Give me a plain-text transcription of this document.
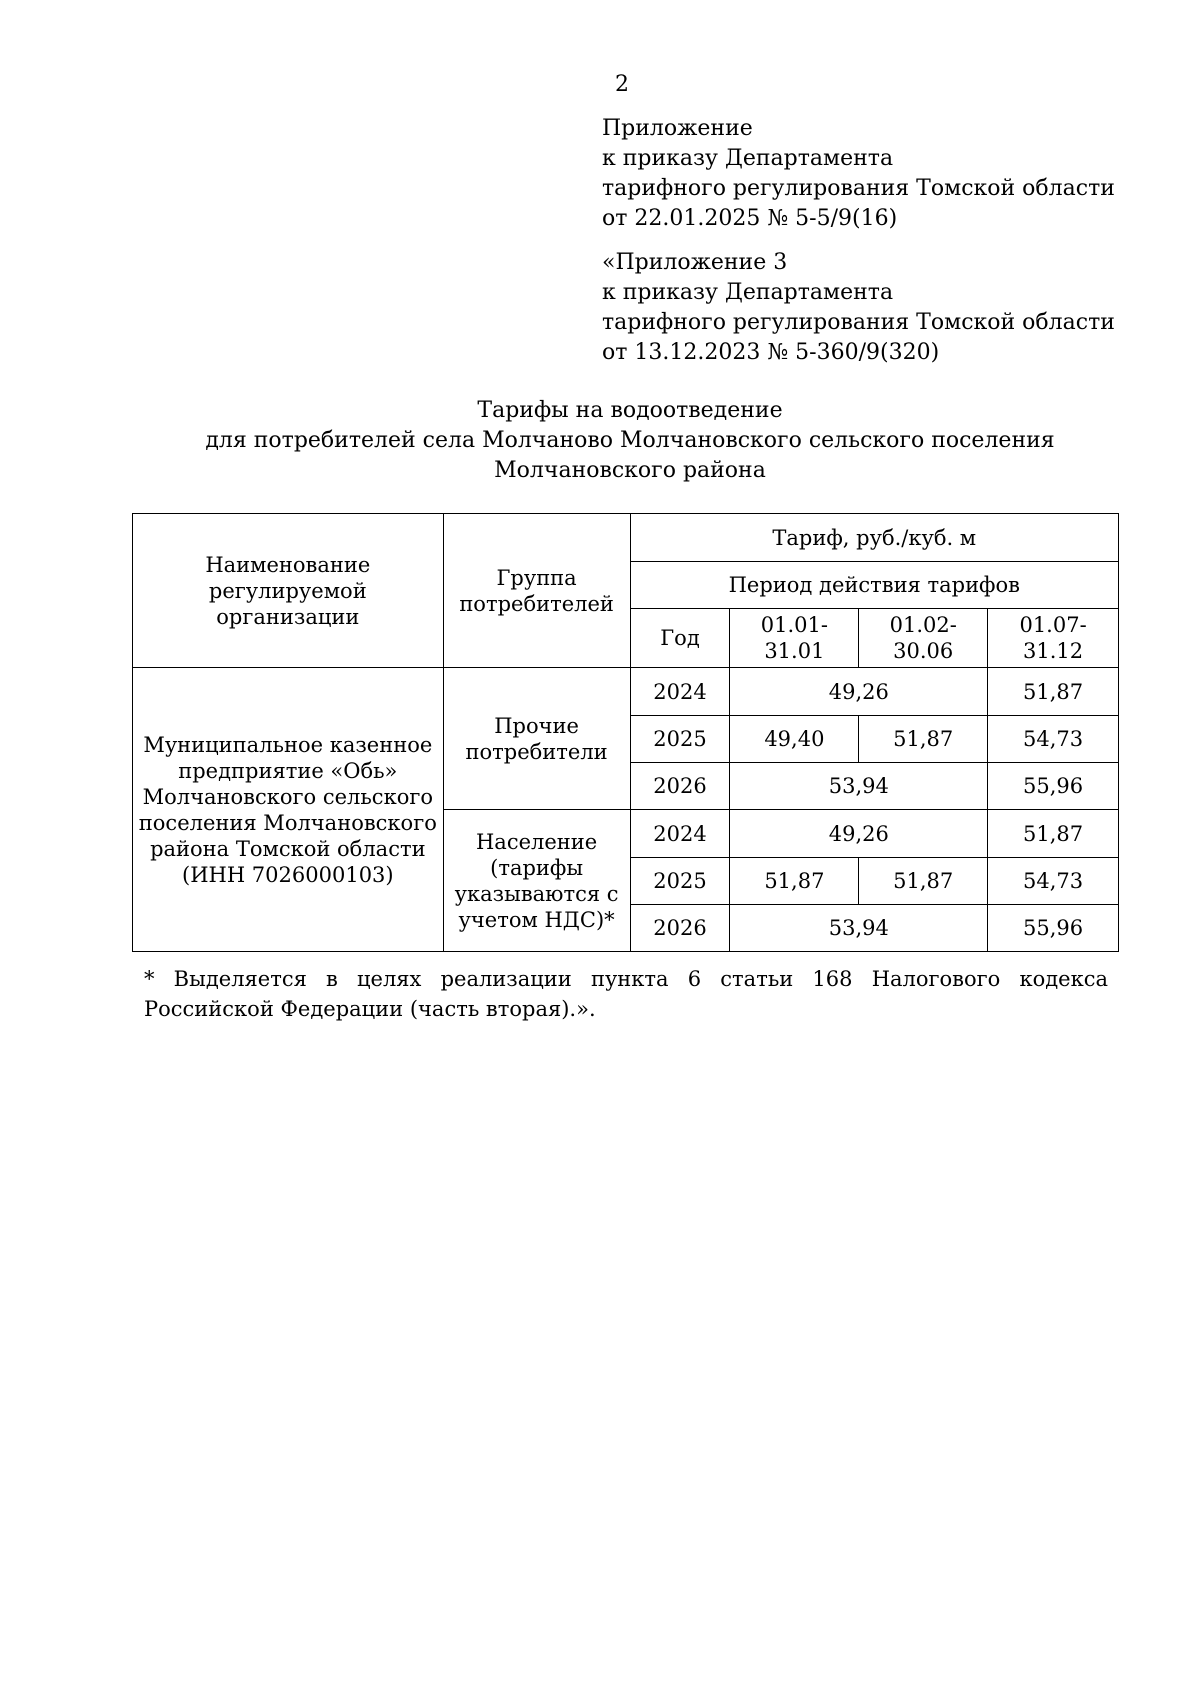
2
Приложение
к приказу Департамента
тарифного регулирования Томской области
от 22.01.2025 № 5-5/9(16)
«Приложение 3
к приказу Департамента
тарифного регулирования Томской области
от 13.12.2023 № 5-360/9(320)
Тарифы на водоотведение
для потребителей села Молчаново Молчановского сельского поселения
Молчановского района
Наименование регулируемой организации	Группа потребителей	Тариф, руб./куб. м			
		Период действия тарифов			
		Год	01.01-31.01	01.02-30.06	01.07-31.12
Муниципальное казенное предприятие «Обь» Молчановского сельского поселения Молчановского района Томской области (ИНН 7026000103)	Прочие потребители	2024	49,26		51,87
		2025	49,40	51,87	54,73
		2026	53,94		55,96
	Население (тарифы указываются с учетом НДС)*	2024	49,26		51,87
		2025	51,87	51,87	54,73
		2026	53,94		55,96
* Выделяется в целях реализации пункта 6 статьи 168 Налогового кодекса Российской Федерации (часть вторая).».
